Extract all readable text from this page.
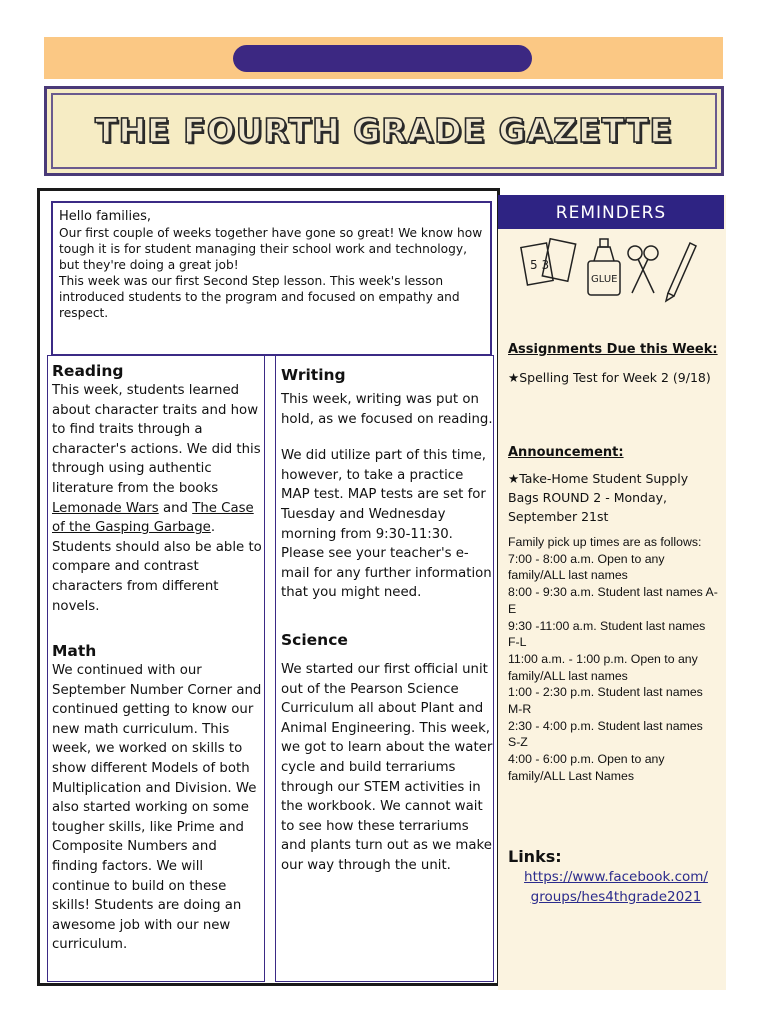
THE FOURTH GRADE GAZETTE
Hello families,
Our first couple of weeks together have gone so great! We know how tough it is for student managing their school work and technology, but they're doing a great job!
This week was our first Second Step lesson. This week's lesson introduced students to the program and focused on empathy and respect.

Reading

This week, students learned about character traits and how to find traits through a character's actions. We did this through using authentic literature from the books Lemonade Wars and The Case of the Gasping Garbage. Students should also be able to compare and contrast characters from different novels.

Math

We continued with our September Number Corner and continued getting to know our new math curriculum. This week, we worked on skills to show different Models of both Multiplication and Division. We also started working on some tougher skills, like Prime and Composite Numbers and finding factors. We will continue to build on these skills! Students are doing an awesome job with our new curriculum.

Writing

This week, writing was put on hold, as we focused on reading.

We did utilize part of this time, however, to take a practice MAP test. MAP tests are set for Tuesday and Wednesday morning from 9:30-11:30. Please see your teacher's e-mail for any further information that you might need.

Science

We started our first official unit out of the Pearson Science Curriculum all about Plant and Animal Engineering. This week, we got to learn about the water cycle and build terrariums through our STEM activities in the workbook. We cannot wait to see how these terrariums and plants turn out as we make our way through the unit.

REMINDERS
5 3
GLUE
Assignments Due this Week:
★Spelling Test for Week 2 (9/18)
Announcement:
★Take-Home Student Supply Bags ROUND 2 - Monday, September 21st
Family pick up times are as follows:
7:00 - 8:00 a.m. Open to any family/ALL last names
8:00 - 9:30 a.m. Student last names A-E
9:30 -11:00 a.m. Student last names F-L
11:00 a.m. - 1:00 p.m. Open to any family/ALL last names
1:00 - 2:30 p.m. Student last names M-R
2:30 - 4:00 p.m. Student last names S-Z
4:00 - 6:00 p.m. Open to any family/ALL Last Names
Links:
https://www.facebook.com/
groups/hes4thgrade2021
